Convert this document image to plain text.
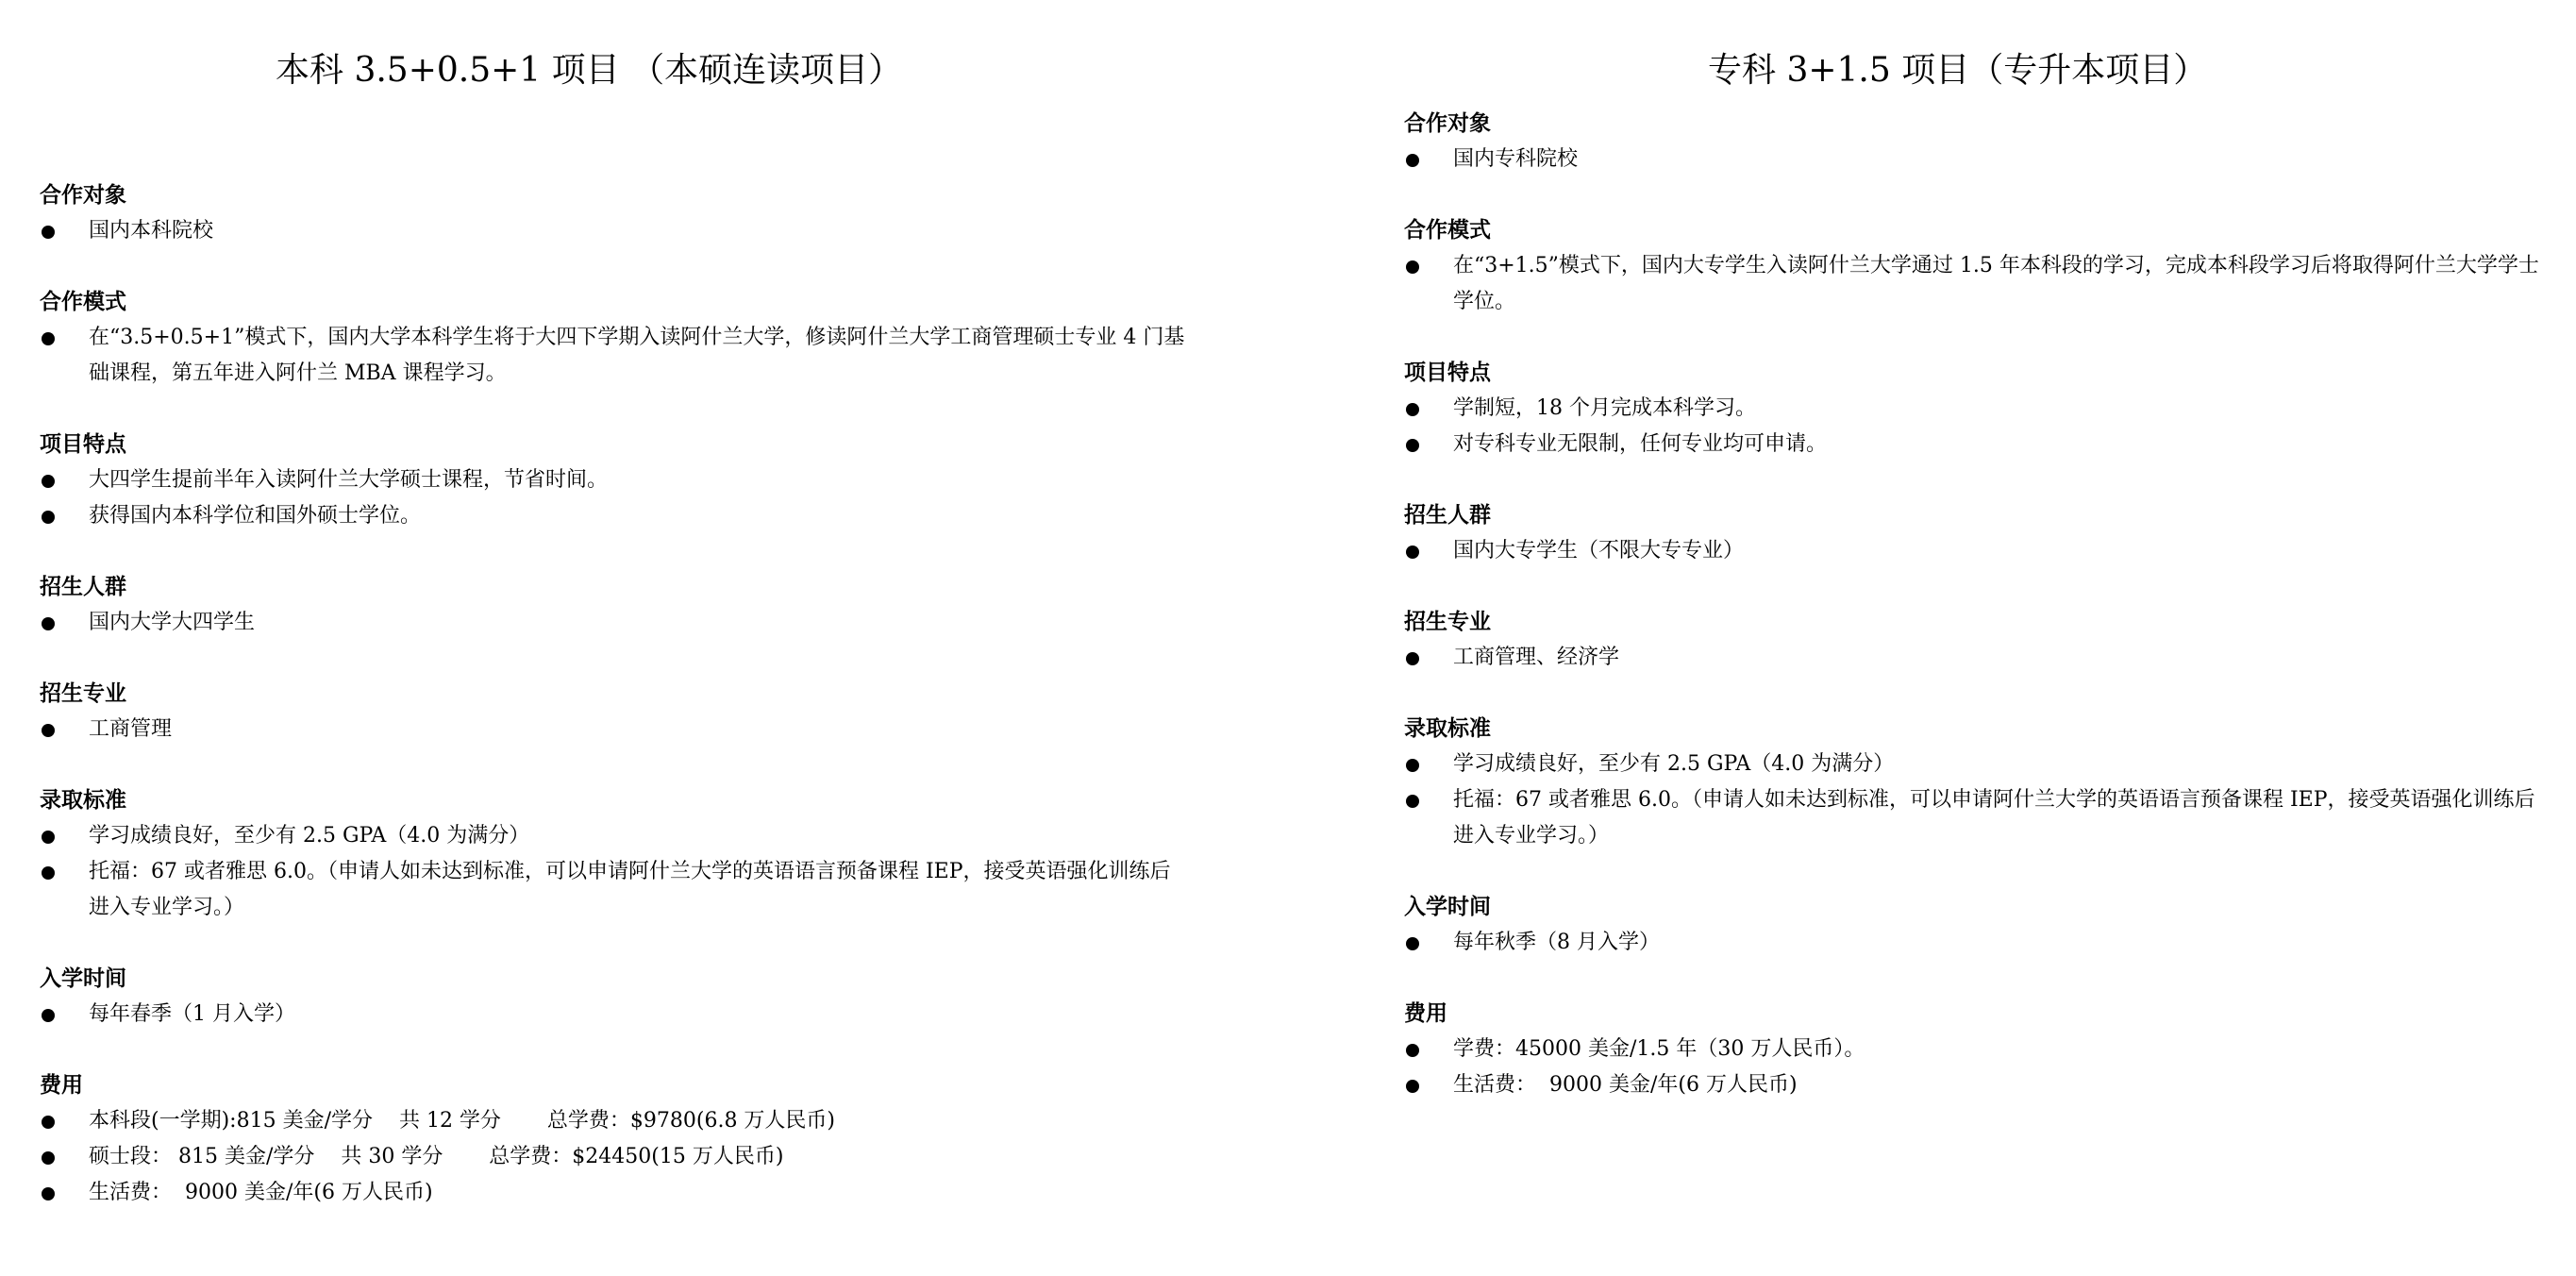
本科 3.5+0.5+1 项目 （本硕连读项目）
合作对象
国内本科院校
合作模式
在“3.5+0.5+1”模式下，国内大学本科学生将于大四下学期入读阿什兰大学，修读阿什兰大学工商管理硕士专业 4 门基础课程，第五年进入阿什兰 MBA 课程学习。
项目特点
大四学生提前半年入读阿什兰大学硕士课程，节省时间。
获得国内本科学位和国外硕士学位。
招生人群
国内大学大四学生
招生专业
工商管理
录取标准
学习成绩良好，至少有 2.5 GPA（4.0 为满分）
托福：67 或者雅思 6.0。（申请人如未达到标准，可以申请阿什兰大学的英语语言预备课程 IEP，接受英语强化训练后进入专业学习。）
入学时间
每年春季（1 月入学）
费用
本科段(一学期):815 美金/学分    共 12 学分       总学费：$9780(6.8 万人民币)
硕士段： 815 美金/学分    共 30 学分       总学费：$24450(15 万人民币)
生活费：  9000 美金/年(6 万人民币)
专科 3+1.5 项目（专升本项目）
合作对象
国内专科院校
合作模式
在“3+1.5”模式下，国内大专学生入读阿什兰大学通过 1.5 年本科段的学习，完成本科段学习后将取得阿什兰大学学士学位。
项目特点
学制短，18 个月完成本科学习。
对专科专业无限制，任何专业均可申请。
招生人群
国内大专学生（不限大专专业）
招生专业
工商管理、经济学
录取标准
学习成绩良好，至少有 2.5 GPA（4.0 为满分）
托福：67 或者雅思 6.0。（申请人如未达到标准，可以申请阿什兰大学的英语语言预备课程 IEP，接受英语强化训练后进入专业学习。）
入学时间
每年秋季（8 月入学）
费用
学费：45000 美金/1.5 年（30 万人民币）。
生活费：  9000 美金/年(6 万人民币)
